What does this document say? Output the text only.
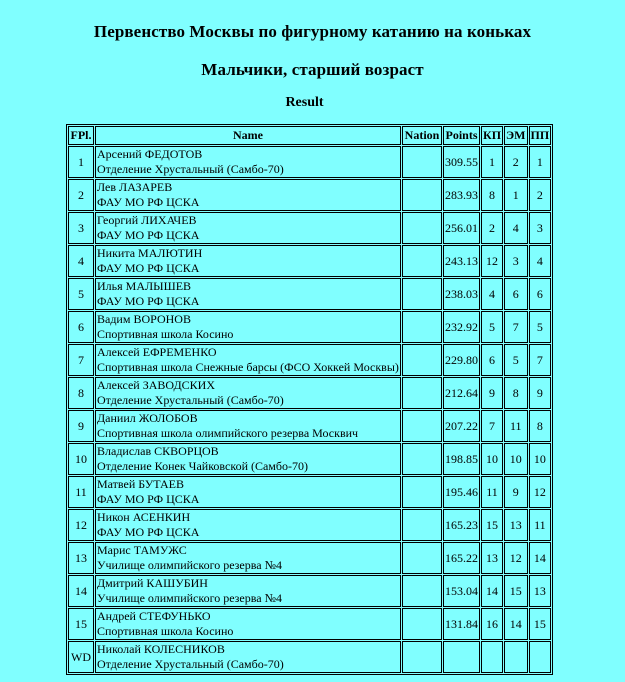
Первенство Москвы по фигурному катанию на коньках
Мальчики, старший возраст
Result
FPl.	Name	Nation	Points	КП	ЭМ	ПП
1	Арсений ФЕДОТОВ
Отделение Хрустальный (Самбо-70)		309.55	1	2	1
2	Лев ЛАЗАРЕВ
ФАУ МО РФ ЦСКА		283.93	8	1	2
3	Георгий ЛИХАЧЕВ
ФАУ МО РФ ЦСКА		256.01	2	4	3
4	Никита МАЛЮТИН
ФАУ МО РФ ЦСКА		243.13	12	3	4
5	Илья МАЛЫШЕВ
ФАУ МО РФ ЦСКА		238.03	4	6	6
6	Вадим ВОРОНОВ
Спортивная школа Косино		232.92	5	7	5
7	Алексей ЕФРЕМЕНКО
Спортивная школа Снежные барсы (ФСО Хоккей Москвы)		229.80	6	5	7
8	Алексей ЗАВОДСКИХ
Отделение Хрустальный (Самбо-70)		212.64	9	8	9
9	Даниил ЖОЛОБОВ
Спортивная школа олимпийского резерва Москвич		207.22	7	11	8
10	Владислав СКВОРЦОВ
Отделение Конек Чайковской (Самбо-70)		198.85	10	10	10
11	Матвей БУТАЕВ
ФАУ МО РФ ЦСКА		195.46	11	9	12
12	Никон АСЕНКИН
ФАУ МО РФ ЦСКА		165.23	15	13	11
13	Марис ТАМУЖС
Училище олимпийского резерва №4		165.22	13	12	14
14	Дмитрий КАШУБИН
Училище олимпийского резерва №4		153.04	14	15	13
15	Андрей СТЕФУНЬКО
Спортивная школа Косино		131.84	16	14	15
WD	Николай КОЛЕСНИКОВ
Отделение Хрустальный (Самбо-70)					
